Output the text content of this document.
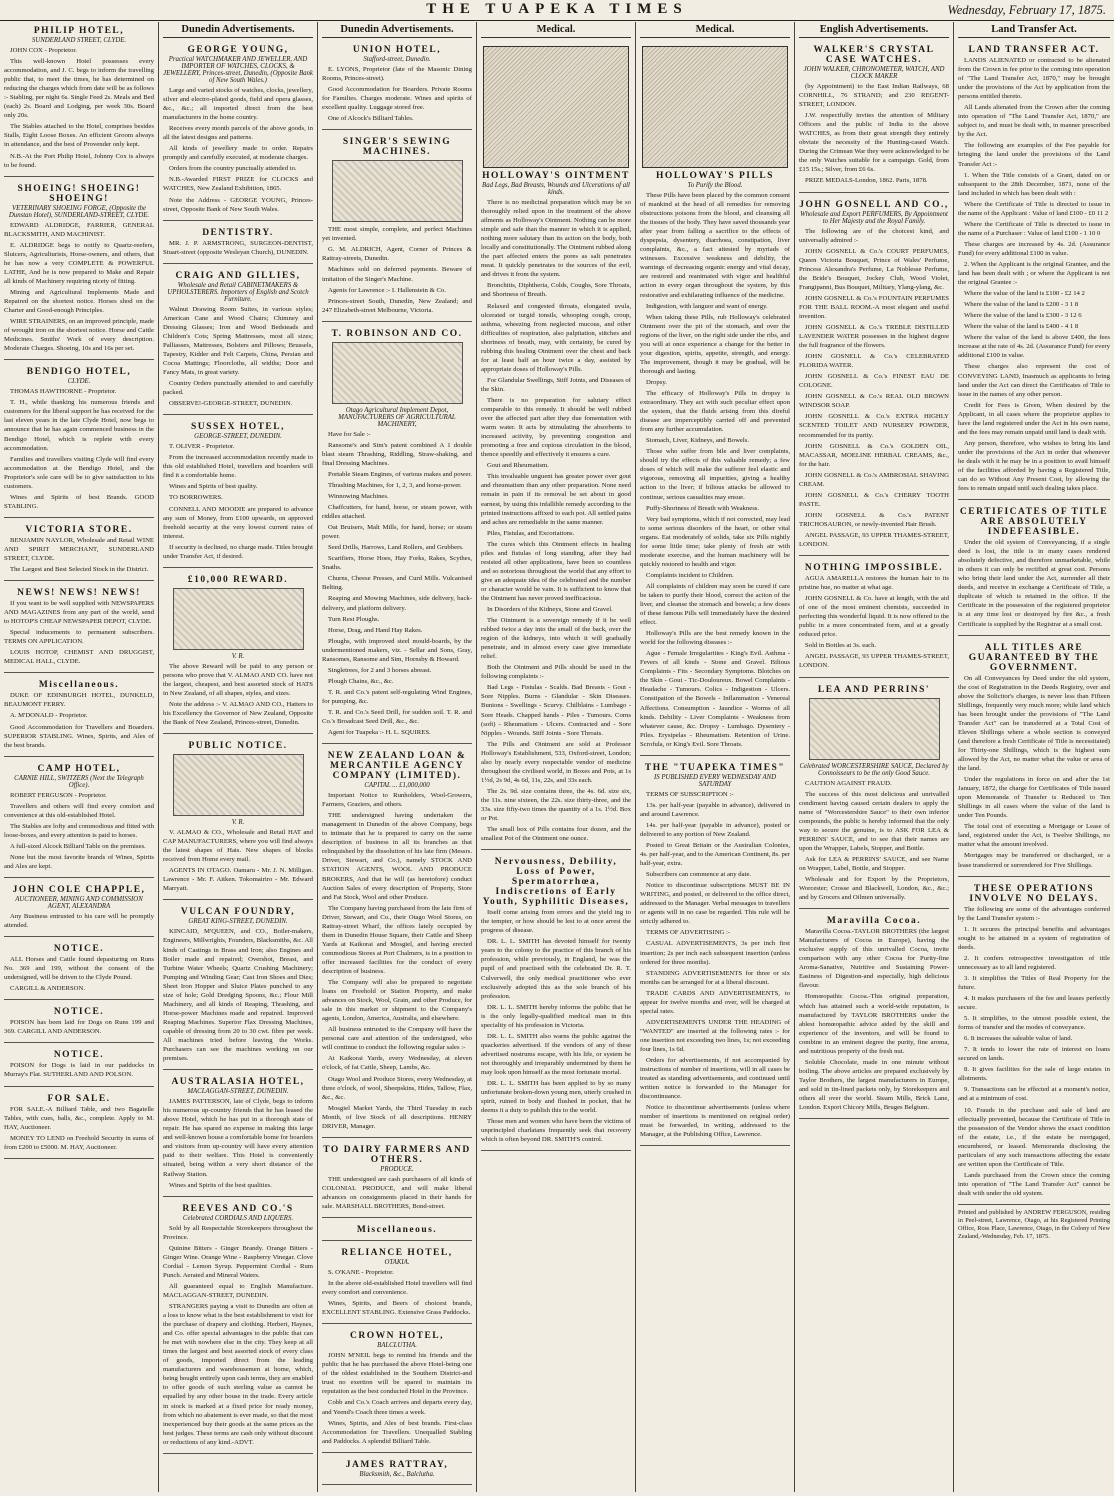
THE TUAPEKA TIMES	Wednesday, February 17, 1875.
PHILIP HOTEL,
SUNDERLAND STREET, CLYDE.

JOHN COX - Proprietor.

This well-known Hotel possesses every accommodation, and J. C. begs to inform the travelling public that, to meet the times, he has determined on reducing the charges which from date will be as follows :- Stabling, per night 6s. Single Feed 2s. Meals and Bed (each) 2s. Board and Lodging, per week 30s. Board only 20s.

The Stables attached to the Hotel, comprises besides Stalls, Eight Loose Boxes. An efficient Groom always in attendance, and the best of Provender only kept.

N.B.-At the Port Philip Hotel, Johnny Cox is always to be found.

SHOEING! SHOEING! SHOEING!
VETERINARY SHOEING FORGE, (Opposite the Dunstan Hotel), SUNDERLAND-STREET, CLYDE.

EDWARD ALDRIDGE, FARRIER, GENERAL BLACKSMITH, AND MACHINIST.

E. ALDRIDGE begs to notify to Quartz-reefers, Sluicers, Agriculturists, Horse-owners, and others, that he has now a very COMPLETE & POWERFUL LATHE, And he is now prepared to Make and Repair all kinds of Machinery requiring nicety of fitting.

Mining and Agricultural Implements Made and Repaired on the shortest notice. Horses shod on the Charter and Good-enough Principles.

WIRE STRAINERS, on an improved principle, made of wrought iron on the shortest notice. Horse and Cattle Medicines. Smiths' Work of every description. Moderate Charges. Shoeing, 10s and 16s per set.

BENDIGO HOTEL,
CLYDE.

THOMAS HAWTHORNE - Proprietor.

T. H., while thanking his numerous friends and customers for the liberal support he has received for the last eleven years in the late Clyde Hotel, now begs to announce that he has again commenced business in the Bendigo Hotel, which is replete with every accommodation.

Families and travellers visiting Clyde will find every accommodation at the Bendigo Hotel, and the Proprietor's sole care will be to give satisfaction to his customers.

Wines and Spirits of best Brands. GOOD STABLING.

VICTORIA STORE.

BENJAMIN NAYLOR, Wholesale and Retail WINE AND SPIRIT MERCHANT, SUNDERLAND STREET, CLYDE.

The Largest and Best Selected Stock in the District.

NEWS! NEWS! NEWS!

If you want to be well supplied with NEWSPAPERS AND MAGAZINES from any part of the world, send to HOTOP'S CHEAP NEWSPAPER DEPOT, CLYDE.

Special inducements to permanent subscribers. TERMS ON APPLICATION.

LOUIS HOTOP, CHEMIST AND DRUGGIST, MEDICAL HALL, CLYDE.

Miscellaneous.

DUKE OF EDINBURGH HOTEL, DUNKELD, BEAUMONT FERRY.

A. M'DONALD - Proprietor.

Good Accommodation for Travellers and Boarders. SUPERIOR STABLING. Wines, Spirits, and Ales of the best brands.

CAMP HOTEL,
CARNIE HILL, SWITZERS (Next the Telegraph Office).

ROBERT FERGUSON - Proprietor.

Travellers and others will find every comfort and convenience at this old-established Hotel.

The Stables are lofty and commodious and fitted with loose-boxes, and every attention is paid to horses.

A full-sized Alcock Billiard Table on the premises.

None but the most favorite brands of Wines, Spirits and Ales are kept.

JOHN COLE CHAPPLE,
AUCTIONEER, MINING AND COMMISSION AGENT, ALEXANDRA

Any Business entrusted to his care will be promptly attended.

NOTICE.

ALL Horses and Cattle found depasturing on Runs No. 369 and 199, without the consent of the undersigned, will be driven to the Clyde Pound.

CARGILL & ANDERSON.

NOTICE.

POISON has been laid for Dogs on Runs 199 and 369. CARGILL AND ANDERSON.

NOTICE.

POISON for Dogs is laid in our paddocks in Murray's Flat. SUTHERLAND AND POLSON.

FOR SALE.

FOR SALE.-A Billiard Table, and two Bagatelle Tables, with cues, balls, &c., complete. Apply to M. HAY, Auctioneer.

MONEY TO LEND on Freehold Security in sums of from £200 to £5000. M. HAY, Auctioneer.

Dunedin Advertisements.
GEORGE YOUNG,
Practical WATCHMAKER AND JEWELLER, AND IMPORTER OF WATCHES, CLOCKS, & JEWELLERY, Princes-street, Dunedin, (Opposite Bank of New South Wales.)

Large and varied stocks of watches, clocks, jewellery, silver and electro-plated goods, field and opera glasses, &c., &c.; all imported direct from the best manufacturers in the home country.

Receives every month parcels of the above goods, in all the latest designs and patterns.

All kinds of jewellery made to order. Repairs promptly and carefully executed, at moderate charges.

Orders from the country punctually attended to.

N.B.-Awarded FIRST PRIZE for CLOCKS and WATCHES, New Zealand Exhibition, 1865.

Note the Address - GEORGE YOUNG, Princes-street, Opposite Bank of New South Wales.

DENTISTRY.

MR. J. P. ARMSTRONG, SURGEON-DENTIST, Stuart-street (opposite Wesleyan Church), DUNEDIN.

CRAIG AND GILLIES,
Wholesale and Retail CABINETMAKERS & UPHOLSTERERS. Importers of English and Scotch Furniture.

Walnut Drawing Room Suites, in various styles; American Cane and Wood Chairs; Chimney and Dressing Glasses; Iron and Wood Bedsteads and Children's Cots; Spring Mattresses, most all sizes; Palliasses, Mattresses, Bolsters and Pillows; Brussels, Tapestry, Kidder and Felt Carpets, China, Persian and Cocoa Mattings; Floorcloths, all widths; Door and Fancy Mats, in great variety.

Country Orders punctually attended to and carefully packed.

OBSERVE!-GEORGE-STREET, DUNEDIN.

SUSSEX HOTEL,
GEORGE-STREET, DUNEDIN.

T. OLIVER - Proprietor.

From the increased accommodation recently made to this old established Hotel, travellers and boarders will find it a comfortable home.

Wines and Spirits of best quality.

TO BORROWERS.

CONNELL AND MOODIE are prepared to advance any sum of Money, from £100 upwards, on approved freehold security at the very lowest current rates of interest.

If security is declined, no charge made. Titles brought under Transfer Act, if desired.

£10,000 REWARD.
V. R.

The above Reward will be paid to any person or persons who prove that V. ALMAO AND CO. have not the largest, cheapest, and best assorted stock of HATS in New Zealand, of all shapes, styles, and sizes.

Note the address :- V. ALMAO AND CO., Hatters to his Excellency the Governor of New Zealand, Opposite the Bank of New Zealand, Princes-street, Dunedin.

PUBLIC NOTICE.
V. R.

V. ALMAO & CO., Wholesale and Retail HAT and CAP MANUFACTURERS, where you will find always the latest shapes of Hats. New shapes of blocks received from Home every mail.

AGENTS IN OTAGO. Oamaru - Mr. J. N. Milligan. Lawrence - Mr. F. Aitken. Tokomairiro - Mr. Edward Marryatt.

VULCAN FOUNDRY,
GREAT KING-STREET, DUNEDIN.

KINCAID, M'QUEEN, and CO., Boiler-makers, Engineers, Millwrights, Founders, Blacksmiths, &c. All kinds of Castings in Brass and Iron; also Engines and Boiler made and repaired; Overshot, Breast, and Turbine Water Wheels; Quartz Crushing Machinery; Pumping and Winding Gear; Cast Iron Shoes and Dies; Sheet Iron Hopper and Sluice Plates punched to any size of hole; Gold Dredging Spoons, &c.; Flour Mill Machinery, and all kinds of Reaping, Thrashing, and Horse-power Machines made and repaired. Improved Reaping Machines. Superior Flax Dressing Machines, capable of dressing from 20 to 30 cwt. fibre per week. All machines tried before leaving the Works. Purchasers can see the machines working on our premises.

AUSTRALASIA HOTEL,
MACLAGGAN-STREET, DUNEDIN.

JAMES PATTERSON, late of Clyde, begs to inform his numerous up-country friends that he has leased the above Hotel, which he has put in a thorough state of repair. He has spared no expense in making this large and well-known house a comfortable home for boarders and visitors from up-country will have every attention paid to their welfare. This Hotel is conveniently situated, being within a very short distance of the Railway Station.

Wines and Spirits of the best qualities.

REEVES AND CO.'S
Celebrated CORDIALS AND LIQUERS.

Sold by all Respectable Storekeepers throughout the Province.

Quinine Bitters - Ginger Brandy. Orange Bitters - Ginger Wine. Orange Wine - Raspberry Vinegar. Clove Cordial - Lemon Syrup. Peppermint Cordial - Rum Punch. Aerated and Mineral Waters.

All guaranteed equal to English Manufacture. MACLAGGAN-STREET, DUNEDIN.

STRANGERS paying a visit to Dunedin are often at a loss to know what is the best establishment to visit for the purchase of drapery and clothing. Herbert, Haynes, and Co. offer special advantages to the public that can be met with nowhere else in the city. They keep at all times the largest and best assorted stock of every class of goods, imported direct from the leading manufacturers and warehousemen at home, which, being bought entirely upon cash terms, they are enabled to offer goods of such sterling value as cannot be equalled by any other house in the trade. Every article in stock is marked at a fixed price for ready money, from which no abatement is ever made, so that the most inexperienced buy their goods at the same prices as the best judges. These terms are cash only without discount or reductions of any kind.-ADVT.

Dunedin Advertisements.
UNION HOTEL,
Stafford-street, Dunedin.

E. LYONS, Proprietor (late of the Masonic Dining Rooms, Princes-street).

Good Accommodation for Boarders. Private Rooms for Families. Charges moderate. Wines and spirits of excellent quality. Luggage stored free.

One of Alcock's Billiard Tables.

SINGER'S SEWING MACHINES.

THE most simple, complete, and perfect Machines yet invented.

G. M. ALDRICH, Agent, Corner of Princes & Rattray-streets, Dunedin.

Machines sold on deferred payments. Beware of imitation of the Singer's Machine.

Agents for Lawrence :- I. Hallenstein & Co.

Princes-street South, Dunedin, New Zealand; and 247 Elizabeth-street Melbourne, Victoria.

T. ROBINSON AND CO.
Otago Agricultural Implement Depot, MANUFACTURERS OF AGRICULTURAL MACHINERY,

Have for Sale :-

Ransome's and Sim's patent combined A 1 double blast steam Thrashing, Riddling, Straw-shaking, and final Dressing Machines.

Portable Steam Engines, of various makes and power.

Thrashing Machines, for 1, 2, 3, and horse-power.

Winnowing Machines.

Chaffcutters, for hand, horse, or steam power, with riddles attached.

Oat Bruisers, Malt Mills, for hand, horse; or steam power.

Seed Drills, Harrows, Land Rollers, and Grubbers.

Scarifiers, Horse Hoes, Hay Forks, Rakes, Scythes, Snaths.

Churns, Cheese Presses, and Curd Mills. Vulcanised Belting.

Reaping and Mowing Machines, side delivery, back-delivery, and platform delivery.

Turn Rest Ploughs.

Horse, Drag, and Hand Hay Rakes.

Ploughs, with improved steel mould-boards, by the undermentioned makers, viz. - Sellar and Sons, Gray, Ransomes, Ransome and Sim, Hornsby & Howard.

Singletrees, for 2 and 3 horses abreast.

Plough Chains, &c., &c.

T. R. and Co.'s patent self-regulating Wind Engines, for pumping, &c.

T. R. and Co.'s Seed Drill, for sudden soil. T. R. and Co.'s Broadcast Seed Drill, &c., &c.

Agent for Tuapeka :- H. L. SQUIRES.

NEW ZEALAND LOAN & MERCANTILE AGENCY COMPANY (LIMITED).
CAPITAL ... £1,000,000

Important Notice to Runholders, Wool-Growers, Farmers, Graziers, and others.

THE undersigned having undertaken the management in Dunedin of the above Company, begs to intimate that he is prepared to carry on the same description of business in all its branches as that relinquished by the dissolution of his late firm (Messrs. Driver, Stewart, and Co.), namely STOCK AND STATION AGENTS, WOOL AND PRODUCE BROKERS, And that he will (as heretofore) conduct Auction Sales of every description of Property, Store and Fat Stock, Wool and other Produce.

The Company having purchased from the late firm of Driver, Stewart, and Co., their Otago Wool Stores, on Rattray-street Wharf, the offices lately occupied by them in Dunedin House Square, their Cattle and Sheep Yards at Kaikorai and Mosgiel, and having erected commodious Stores at Port Chalmers, is in a position to offer increased facilities for the conduct of every description of business.

The Company will also be prepared to negotiate loans on Freehold or Station Property, and make advances on Stock, Wool, Grain, and other Produce, for sale in this market or shipment to the Company's agents, London, America, Australia, and elsewhere.

All business entrusted to the Company will have the personal care and attention of the undersigned, who will continue to conduct the following regular sales :-

At Kaikorai Yards, every Wednesday, at eleven o'clock, of fat Cattle, Sheep, Lambs, &c.

Otago Wool and Produce Stores, every Wednesday, at three o'clock, of wool, Sheepskins, Hides, Tallow, Flax, &c., &c.

Mosgiel Market Yards, the Third Tuesday in each Month, of live Stock of all descriptions. HENRY DRIVER, Manager.

TO DAIRY FARMERS AND OTHERS.
PRODUCE.

THE undersigned are cash purchasers of all kinds of COLONIAL PRODUCE, and will make liberal advances on consignments placed in their hands for sale. MARSHALL BROTHERS, Bond-street.

Miscellaneous.
RELIANCE HOTEL,
OTAKIA.

S. O'KANE - Proprietor.

In the above old-established Hotel travellers will find every comfort and convenience.

Wines, Spirits, and Beers of choicest brands, EXCELLENT STABLING. Extensive Grass Paddocks.

CROWN HOTEL,
BALCLUTHA.

JOHN M'NEIL begs to remind his friends and the public that he has purchased the above Hotel-being one of the oldest established in the Southern District-and trust no exertion will be spared to maintain its reputation as the best conducted Hotel in the Province.

Cobb and Co.'s Coach arrives and departs every day, and Yeend's Coach three times a week.

Wines, Spirits, and Ales of best brands. First-class Accommodation for Travellers. Unequalled Stabling and Paddocks. A splendid Billiard Table.

JAMES RATTRAY,
Blacksmith, &c., Balclutha.
Medical.
HOLLOWAY'S OINTMENT
Bad Legs, Bad Breasts, Wounds and Ulcerations of all kinds.

There is no medicinal preparation which may be so thoroughly relied upon in the treatment of the above ailments as Holloway's Ointment. Nothing can be more simple and safe than the manner in which it is applied, nothing more salutary than its action on the body, both locally and constitutionally. The Ointment rubbed along the part affected enters the pores as salt penetrates meat. It quickly penetrates to the sources of the evil, and drives it from the system.

Bronchitis, Diphtheria, Colds, Coughs, Sore Throats, and Shortness of Breath.

Relaxed and congested throats, elongated uvula, ulcerated or turgid tonsils, whooping cough, croup, asthma, wheezing from neglected mucous, and other difficulties of respiration, also palpitation, stitches and shortness of breath, may, with certainty, be cured by rubbing this healing Ointment over the chest and back for at least half an hour twice a day, assisted by appropriate doses of Holloway's Pills.

For Glandular Swellings, Stiff Joints, and Diseases of the Skin.

There is no preparation for salutary effect comparable to this remedy. It should be well rubbed over the affected part after they due fomentation with warm water. It acts by stimulating the absorbents to increased activity, by preventing congestion and promoting a free and copious circulation in the blood, thence speedily and effectively it ensures a cure.

Gout and Rheumatism.

This invaluable unguent has greater power over gout and rheumatism than any other preparation. None need remain in pain if its removal be set about in good earnest, by using this infallible remedy according to the printed instructions affixed to each pot. All settled pains and aches are remediable in the same manner.

Piles, Fistulas, and Excoriations.

The cures which this Ointment effects in healing piles and fistulas of long standing, after they had resisted all other applications, have been so countless and so notorious throughout the world that any effort to give an adequate idea of the celebrated and the number or character would be vain. It is sufficient to know that the Ointment has never proved inefficacious.

In Disorders of the Kidneys, Stone and Gravel.

The Ointment is a sovereign remedy if it be well rubbed twice a day into the small of the back, over the region of the kidneys, into which it will gradually penetrate, and in almost every case give immediate relief.

Both the Ointment and Pills should be used in the following complaints :-

Bad Legs - Fistulas - Scalds. Bad Breasts - Gout - Sore Nipples. Burns - Glandular - Skin Diseases. Bunions - Swellings - Scurvy. Chilblains - Lumbago - Sore Heads. Chapped hands - Piles - Tumours. Corns (soft) - Rheumatism - Ulcers. Contracted and - Sore Nipples - Wounds. Stiff Joints - Sore Throats.

The Pills and Ointment are sold at Professor Holloway's Establishment, 533, Oxford-street, London; also by nearly every respectable vendor of medicine throughout the civilised world, in Boxes and Pots, at 1s 1½d, 2s 9d, 4s 6d, 11s, 22s, and 33s each.

The 2s. 9d. size contains three, the 4s. 6d. size six, the 11s. nine sixteen, the 22s. size thirty-three, and the 33s. size fifty-two times the quantity of a 1s. 1½d. Box or Pot.

The small box of Pills contains four dozen, and the smallest Pot of the Ointment one ounce.

Nervousness, Debility, Loss of Power, Spermatorrhœa, Indiscretions of Early Youth, Syphilitic Diseases,

Itself come arising from errors and the yield ing to the tempter, or how should be lest to at once arrest the progress of disease.

DR. L. L. SMITH has devoted himself for twenty years to the colony to the practice of this branch of his profession, while previously, in England, he was the pupil of and practised with the celebrated Dr. R. T. Culverwell, the only medical practitioner who ever exclusively adopted this as the sole branch of his profession.

DR. L. L. SMITH hereby informs the public that he is the only legally-qualified medical man in this speciality of his profession in Victoria.

DR. L. L. SMITH also warns the public against the quackeries advertised. If the vendors of any of these advertised nostrums escape, with his life, or system be not thoroughly and irreparably undermined by them he may look upon himself as the most fortunate mortal.

DR. L. L. SMITH has been applied to by so many unfortunate broken-down young men, utterly crushed in spirit, ruined in body and flushed in pocket, that he deems it a duty to publish this to the world.

Those men and women who have been the victims of unprincipled charlatans frequently seek that recovery which is often beyond DR. SMITH'S control.

Medical.
HOLLOWAY'S PILLS
To Purify the Blood.

These Pills have been placed by the common consent of mankind at the head of all remedies for removing obstructions poisons from the blood, and cleansing all the tissues of the body. They have saved thousands year after year from falling a sacrifice to the effects of dyspepsia, dysentery, diarrhoea, constipation, liver complaints, &c., a fact attested by myriads of witnesses. Excessive weakness and debility, the warnings of decreasing organic energy and vital decay, are restored and reanimated with vigor and healthful action in every organ throughout the system, by this restorative and exhilarating influence of the medicine.

Indigestion, with languor and want of energy.

When taking these Pills, rub Holloway's celebrated Ointment over the pit of the stomach, and over the regions of the liver, on the right side under the ribs, and you will at once experience a change for the better in your digestion, spirits, appetite, strength, and energy. The improvement, though it may be gradual, will be thorough and lasting.

Dropsy.

The efficacy of Holloway's Pills in dropsy is extraordinary. They act with such peculiar effect upon the system, that the fluids arising from this direful disease are imperceptibly carried off and prevented from any further accumulation.

Stomach, Liver, Kidneys, and Bowels.

Those who suffer from bile and liver complaints, should try the effects of this valuable remedy; a few doses of which will make the sufferer feel elastic and vigorous, removing all impurities, giving a healthy action to the liver; if bilious attacks be allowed to continue, serious casualties may ensue.

Puffy-Shortness of Breath with Weakness.

Very bad symptoms, which if not corrected, may lead to some serious disorders of the heart, or other vital organs. Eat moderately of solids, take six Pills nightly for some little time; take plenty of fresh air with moderate exercise, and the human machinery will be quickly restored to health and vigor.

Complaints incident to Children.

All complaints of children may soon be cured if care be taken to purify their blood, correct the action of the liver, and cleanse the stomach and bowels; a few doses of these famous Pills will immediately have the desired effect.

Holloway's Pills are the best remedy known in the world for the following diseases :-

Ague - Female Irregularities - King's Evil. Asthma - Fevers of all kinds - Stone and Gravel. Bilious Complaints - Fits - Secondary Symptoms. Blotches on the Skin - Gout - Tic-Douloureux. Bowel Complaints - Headache - Tumours. Colics - Indigestion - Ulcers. Constipation of the Bowels - Inflammation - Venereal Affections. Consumption - Jaundice - Worms of all kinds. Debility - Liver Complaints - Weakness from whatever cause, &c. Dropsy - Lumbago. Dysentery - Piles. Erysipelas - Rheumatism. Retention of Urine. Scrofula, or King's Evil. Sore Throats.

THE "TUAPEKA TIMES"
IS PUBLISHED EVERY WEDNESDAY AND SATURDAY

TERMS OF SUBSCRIPTION :-

13s. per half-year (payable in advance), delivered in and around Lawrence.

14s. per half-year (payable in advance), posted or delivered to any portion of New Zealand.

Posted to Great Britain or the Australian Colonies, 4s. per half-year, and to the American Continent, 8s. per half-year, extra.

Subscribers can commence at any date.

Notice to discontinue subscriptions MUST BE IN WRITING, and posted, or delivered to the office direct, addressed to the Manager. Verbal messages to travellers or agents will in no case be regarded. This rule will be strictly adhered to.

TERMS OF ADVERTISING :-

CASUAL ADVERTISEMENTS, 3s per inch first insertion; 2s per inch each subsequent insertion (unless ordered for three months).

STANDING ADVERTISEMENTS for three or six months can be arranged for at a liberal discount.

TRADE CARDS AND ADVERTISEMENTS, to appear for twelve months and over, will be charged at special rates.

ADVERTISEMENTS UNDER THE HEADING of "WANTED" are inserted at the following rates :- for one insertion not exceeding two lines, 1s; not exceeding four lines, 1s 6d.

Orders for advertisements, if not accompanied by instructions of number of insertions, will in all cases be treated as standing advertisements, and continued until written notice is forwarded to the Manager for discontinuance.

Notice to discontinue advertisements (unless where number of insertions is mentioned on original order) must be forwarded, in writing, addressed to the Manager, at the Publishing Office, Lawrence.

English Advertisements.
WALKER'S CRYSTAL CASE WATCHES.
JOHN WALKER, CHRONOMETER, WATCH, AND CLOCK MAKER

(by Appointment) to the East Indian Railways, 68 CORNHILL, 76 STRAND; and 230 REGENT-STREET, LONDON.

J.W. respectfully invites the attention of Military Officers and the public of India to the above WATCHES, as from their great strength they entirely obviate the necessity of the Hunting-cased Watch. During the Crimean War they were acknowledged to be the only Watches suitable for a campaign. Gold, from £15 15s.; Silver, from £6 6s.

PRIZE MEDALS-London, 1862. Paris, 1878.

JOHN GOSNELL AND CO.,
Wholesale and Export PERFUMERS, By Appointment to Her Majesty and the Royal Family.

The following are of the choicest kind, and universally admired :-

JOHN GOSNELL & Co.'s COURT PERFUMES, Queen Victoria Bouquet, Prince of Wales' Perfume, Princess Alexandra's Perfume, La Noblesse Perfume, the Bride's Bouquet, Jockey Club, Wood Violet, Frangipanni, Bus Bouquet, Military, Ylang-ylang, &c.

JOHN GOSNELL & Co.'s FOUNTAIN PERFUMES FOR THE BALL ROOM.-A most elegant and useful invention.

JOHN GOSNELL & Co.'s TREBLE DISTILLED LAVENDER WATER possesses in the highest degree the full fragrance of the flowers.

JOHN GOSNELL & Co.'s CELEBRATED FLORIDA WATER.

JOHN GOSNELL & Co.'s FINEST EAU DE COLOGNE.

JOHN GOSNELL & Co.'s REAL OLD BROWN WINDSOR SOAP.

JOHN GOSNELL & Co.'s EXTRA HIGHLY SCENTED TOILET AND NURSERY POWDER, recommended for its purity.

JOHN GOSNELL & Co.'s GOLDEN OIL, MACASSAR, MOELINE HERBAL CREAMS, &c., for the hair.

JOHN GOSNELL & Co.'s AMBROSIAL SHAVING CREAM.

JOHN GOSNELL & Co.'s CHERRY TOOTH PASTE.

JOHN GOSNELL & Co.'s PATENT TRICHOSAURON, or newly-invented Hair Brush.

ANGEL PASSAGE, 93 UPPER THAMES-STREET, LONDON.

NOTHING IMPOSSIBLE.

AGUA AMARELLA restores the human hair to its pristine hue, no matter at what age.

JOHN GOSNELL & Co. have at length, with the aid of one of the most eminent chemists, succeeded in perfecting this wonderful liquid. It is now offered to the public in a more concentrated form, and at a greatly reduced price.

Sold in Bottles at 3s. each.

ANGEL PASSAGE, 93 UPPER THAMES-STREET, LONDON.

LEA AND PERRINS'
Celebrated WORCESTERSHIRE SAUCE, Declared by Connoisseurs to be the only Good Sauce.

CAUTION AGAINST FRAUD.

The success of this most delicious and unrivalled condiment having caused certain dealers to apply the name of "Worcestershire Sauce" to their own inferior compounds, the public is hereby informed that the only way to secure the genuine, is to ASK FOR LEA & PERRINS' SAUCE, and to see that their names are upon the Wrapper, Labels, Stopper, and Bottle.

Ask for LEA & PERRINS' SAUCE, and see Name on Wrapper, Label, Bottle, and Stopper.

Wholesale and for Export by the Proprietors, Worcester; Crosse and Blackwell, London, &c., &c.; and by Grocers and Oilmen universally.

Maravilla Cocoa.

Maravilla Cocoa.-TAYLOR BROTHERS (the largest Manufacturers of Cocoa in Europe), having the exclusive supply of this unrivalled Cocoa, invite comparison with any other Cocoa for Purity-fine Aroma-Sanative, Nutritive and Sustaining Power-Easiness of Digestion-and especially, high delicious flavour.

Homœopathic Cocoa.-This original preparation, which has attained such a world-wide reputation, is manufactured by TAYLOR BROTHERS under the ablest homœopathic advice aided by the skill and experience of the inventors, and will be found to combine in an eminent degree the purity, fine aroma, and nutritious property of the fresh nut.

Soluble Chocolate, made in one minute without boiling. The above articles are prepared exclusively by Taylor Brothers, the largest manufacturers in Europe, and sold in tin-lined packets only, by Storekeepers and others all over the world. Steam Mills, Brick Lane, London. Export Chicory Mills, Bruges Belgium.

Land Transfer Act.
LAND TRANSFER ACT.

LANDS ALIENATED or contracted to be alienated from the Crown in fee prior to the coming into operation of "The Land Transfer Act, 1870," may be brought under the provisions of the Act by application from the persons entitled thereto.

All Lands alienated from the Crown after the coming into operation of "The Land Transfer Act, 1870," are subject to, and must be dealt with, in manner prescribed by the Act.

The following are examples of the Fee payable for bringing the land under the provisions of the Land Transfer Act :-

1. When the Title consists of a Grant, dated on or subsequent to the 28th December, 1871, none of the land included in which has been dealt with :

Where the Certificate of Title is directed to issue in the name of the Applicant : Value of land £100 - £0 11 2

Where the Certificate of Title is directed to issue in the name of a Purchaser : Value of land £100 - 1 10 0

These charges are increased by 4s. 2d. (Assurance Fund) for every additional £100 in value.

2. When the Applicant is the original Grantee, and the land has been dealt with ; or where the Applicant is not the original Grantee :-

Where the value of the land is £100 - £2 14 2

Where the value of the land is £200 - 3 1 8

Where the value of the land is £300 - 3 12 6

Where the value of the land is £400 - 4 1 8

Where the value of the land is above £400, the fees increase at the rate of 4s. 2d. (Assurance Fund) for every additional £100 in value.

These charges also represent the cost of CONVEYING LAND, Inasmuch as applicants to bring land under the Act can direct the Certificates of Title to issue in the names of any other person.

Credit for Fees is Given, When desired by the Applicant, in all cases where the proprietor applies to have the land registered under the Act in his own name, and the fees may remain unpaid until land is dealt with.

Any person, therefore, who wishes to bring his land under the provisions of the Act in order that whenever he deals with it he may be in a position to avail himself of the facilities afforded by having a Registered Title, can do so Without Any Present Cost, by allowing the fees to remain unpaid until such dealing takes place.

CERTIFICATES OF TITLE ARE ABSOLUTELY INDEFEASIBLE.

Under the old system of Conveyancing, if a single deed is lost, the title is in many cases rendered absolutely defective, and therefore unmarketable, while in others it can only be rectified at great cost. Persons who bring their land under the Act, surrender all their deeds, and receive in exchange a Certificate of Title, a duplicate of which is retained in the office. If the Certificate in the possession of the registered proprietor is at any time lost or destroyed by fire &c., a fresh Certificate is supplied by the Registrar at a small cost.

ALL TITLES ARE GUARANTEED BY THE GOVERNMENT.

On all Conveyances by Deed under the old system, the cost of Registration in the Deeds Registry, over and above the Solicitor's charges, is never less than Fifteen Shillings, frequently very much more; while land which has been brought under the provisions of "The Land Transfer Act" can be transferred at a Total Cost of Eleven Shillings where a whole section is conveyed (and therefore a fresh Certificate of Title is necessitated) for Thirty-one Shillings, which is the highest sum allowed by the Act, no matter what the value or area of the land.

Under the regulations in force on and after the 1st January, 1872, the charge for Certificates of Title issued upon Memoranda of Transfer is Reduced to Ten Shillings in all cases where the value of the land is under Ten Pounds.

The total cost of executing a Mortgage or Lease of land, registered under the Act, is Twelve Shillings, no matter what the amount involved.

Mortgages may be transferred or discharged, or a lease transferred or surrendered for Five Shillings.

THESE OPERATIONS INVOLVE NO DELAYS.

The following are some of the advantages conferred by the Land Transfer system :-

1. It secures the principal benefits and advantages sought to be attained in a system of registration of deeds.

2. It confers retrospective investigation of title unnecessary as to all land registered.

3. It simplifies the Titles of Real Property for the future.

4. It makes purchasers of the fee and leases perfectly secure.

5. It simplifies, to the utmost possible extent, the forms of transfer and the modes of conveyance.

6. It increases the saleable value of land.

7. It tends to lower the rate of interest on loans secured on lands.

8. It gives facilities for the sale of large estates in allotments.

9. Transactions can be effected at a moment's notice, and at a minimum of cost.

10. Frauds in the purchase and sale of land are effectually prevented, because the Certificate of Title in the possession of the Vendor shows the exact condition of the estate, i.e., if the estate be mortgaged, encumbered, or leased. Memoranda disclosing the particulars of any such transactions affecting the estate are written upon the Certificate of Title.

Lands purchased from the Crown since the coming into operation of "The Land Transfer Act" cannot be dealt with under the old system.

Printed and published by ANDREW FERGUSON, residing in Peel-street, Lawrence, Otago, at his Registered Printing Office, Ross Place, Lawrence, Otago, in the Colony of New Zealand,-Wednesday, Feb. 17, 1875.
